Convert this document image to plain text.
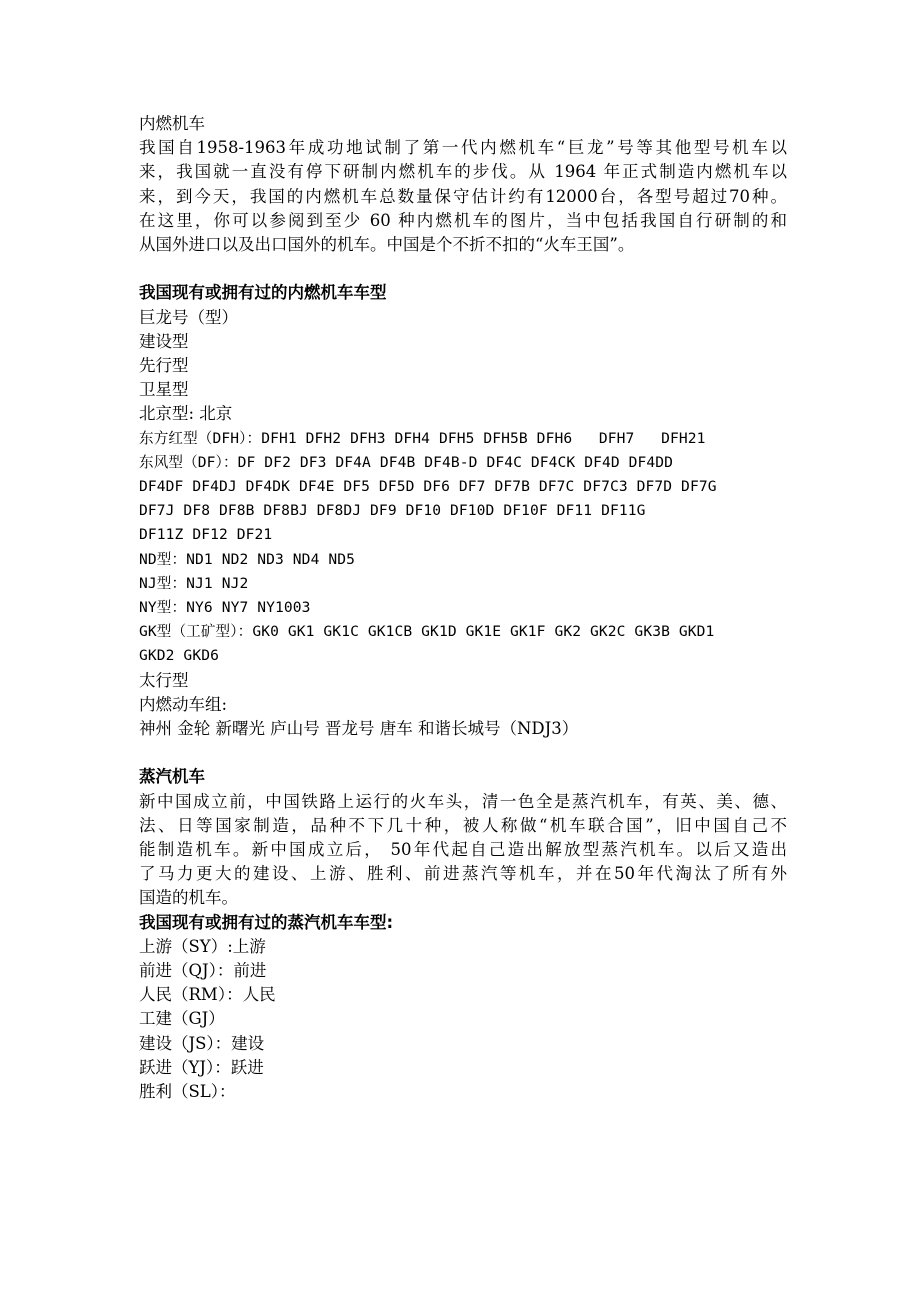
内燃机车
我国自1958-1963年成功地试制了第一代内燃机车“巨龙”号等其他型号机车以
来，我国就一直没有停下研制内燃机车的步伐。从 1964 年正式制造内燃机车以
来，到今天，我国的内燃机车总数量保守估计约有12000台，各型号超过70种。
在这里，你可以参阅到至少 60 种内燃机车的图片，当中包括我国自行研制的和
从国外进口以及出口国外的机车。中国是个不折不扣的“火车王国”。
我国现有或拥有过的内燃机车车型
巨龙号（型）
建设型
先行型
卫星型
北京型: 北京
东方红型（DFH）：DFH1 DFH2 DFH3 DFH4 DFH5 DFH5B DFH6   DFH7   DFH21
东风型（DF）：DF DF2 DF3 DF4A DF4B DF4B-D DF4C DF4CK DF4D DF4DD
DF4DF DF4DJ DF4DK DF4E DF5 DF5D DF6 DF7 DF7B DF7C DF7C3 DF7D DF7G
DF7J DF8 DF8B DF8BJ DF8DJ DF9 DF10 DF10D DF10F DF11 DF11G
DF11Z DF12 DF21
ND型：ND1 ND2 ND3 ND4 ND5
NJ型：NJ1 NJ2
NY型：NY6 NY7 NY1003
GK型（工矿型）：GK0 GK1 GK1C GK1CB GK1D GK1E GK1F GK2 GK2C GK3B GKD1
GKD2 GKD6
太行型
内燃动车组:
神州 金轮 新曙光 庐山号 晋龙号 唐车 和谐长城号（NDJ3）
蒸汽机车
新中国成立前，中国铁路上运行的火车头，清一色全是蒸汽机车，有英、美、德、
法、日等国家制造，品种不下几十种，被人称做“机车联合国”，旧中国自己不
能制造机车。新中国成立后， 50年代起自己造出解放型蒸汽机车。以后又造出
了马力更大的建设、上游、胜利、前进蒸汽等机车，并在50年代淘汰了所有外
国造的机车。
我国现有或拥有过的蒸汽机车车型:
上游（SY）:上游
前进（QJ）：前进
人民（RM）：人民
工建（GJ）
建设（JS）：建设
跃进（YJ）：跃进
胜利（SL）：
